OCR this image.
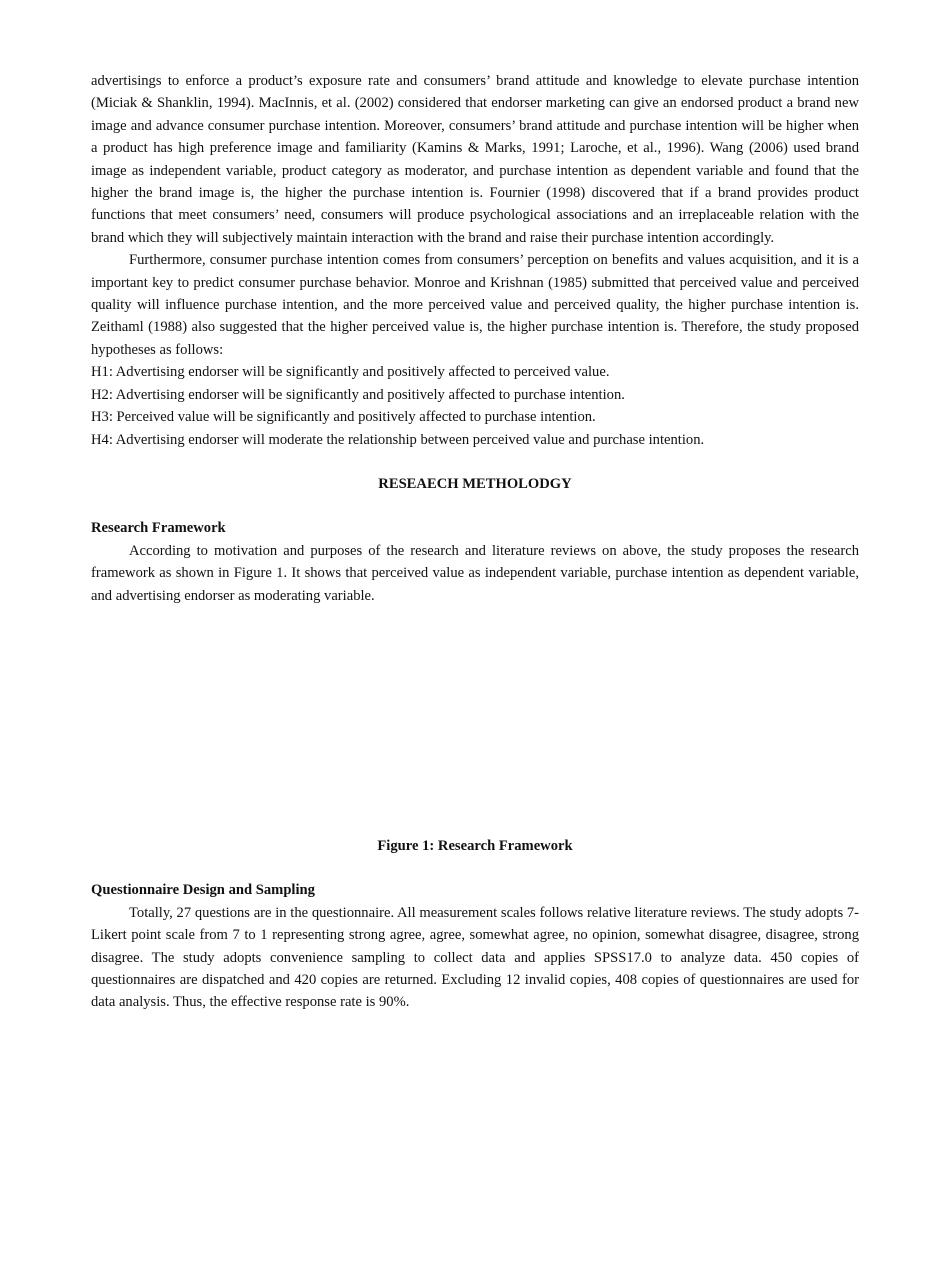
advertisings to enforce a product’s exposure rate and consumers’ brand attitude and knowledge to elevate purchase intention (Miciak & Shanklin, 1994). MacInnis, et al. (2002) considered that endorser marketing can give an endorsed product a brand new image and advance consumer purchase intention. Moreover, consumers’ brand attitude and purchase intention will be higher when a product has high preference image and familiarity (Kamins & Marks, 1991; Laroche, et al., 1996). Wang (2006) used brand image as independent variable, product category as moderator, and purchase intention as dependent variable and found that the higher the brand image is, the higher the purchase intention is. Fournier (1998) discovered that if a brand provides product functions that meet consumers’ need, consumers will produce psychological associations and an irreplaceable relation with the brand which they will subjectively maintain interaction with the brand and raise their purchase intention accordingly.

Furthermore, consumer purchase intention comes from consumers’ perception on benefits and values acquisition, and it is a important key to predict consumer purchase behavior. Monroe and Krishnan (1985) submitted that perceived value and perceived quality will influence purchase intention, and the more perceived value and perceived quality, the higher purchase intention is. Zeithaml (1988) also suggested that the higher perceived value is, the higher purchase intention is. Therefore, the study proposed hypotheses as follows:

H1: Advertising endorser will be significantly and positively affected to perceived value.

H2: Advertising endorser will be significantly and positively affected to purchase intention.

H3: Perceived value will be significantly and positively affected to purchase intention.

H4: Advertising endorser will moderate the relationship between perceived value and purchase intention.

RESEAECH METHOLODGY
Research Framework

According to motivation and purposes of the research and literature reviews on above, the study proposes the research framework as shown in Figure 1. It shows that perceived value as independent variable, purchase intention as dependent variable, and advertising endorser as moderating variable.

Figure 1: Research Framework
Questionnaire Design and Sampling

Totally, 27 questions are in the questionnaire. All measurement scales follows relative literature reviews. The study adopts 7-Likert point scale from 7 to 1 representing strong agree, agree, somewhat agree, no opinion, somewhat disagree, disagree, strong disagree. The study adopts convenience sampling to collect data and applies SPSS17.0 to analyze data. 450 copies of questionnaires are dispatched and 420 copies are returned. Excluding 12 invalid copies, 408 copies of questionnaires are used for data analysis. Thus, the effective response rate is 90%.
